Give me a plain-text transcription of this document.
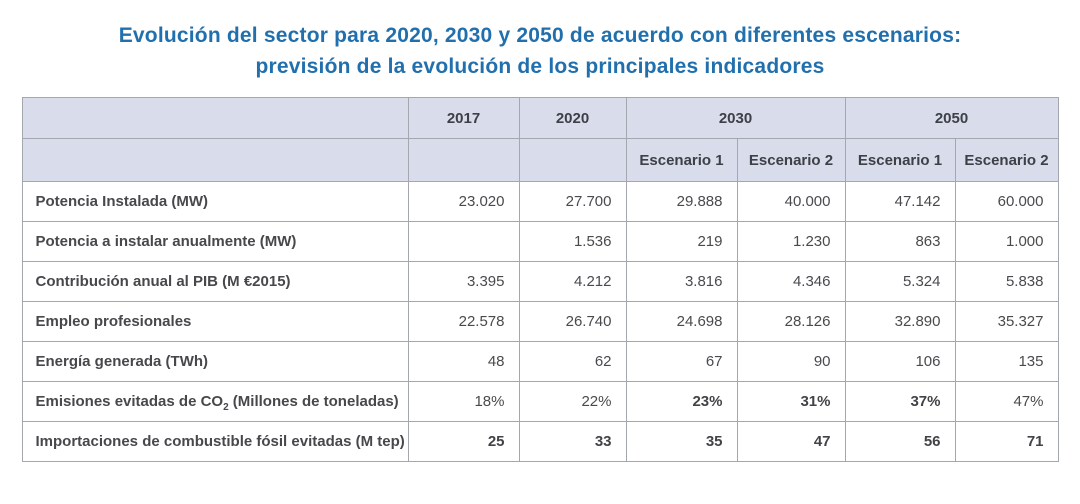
Evolución del sector para 2020, 2030 y 2050 de acuerdo con diferentes escenarios:
previsión de la evolución de los principales indicadores
	2017	2020	2030		2050	
			Escenario 1	Escenario 2	Escenario 1	Escenario 2
Potencia Instalada (MW)	23.020	27.700	29.888	40.000	47.142	60.000
Potencia a instalar anualmente (MW)		1.536	219	1.230	863	1.000
Contribución anual al PIB (M €2015)	3.395	4.212	3.816	4.346	5.324	5.838
Empleo profesionales	22.578	26.740	24.698	28.126	32.890	35.327
Energía generada (TWh)	48	62	67	90	106	135
Emisiones evitadas de $CO_2$ (Millones de toneladas)	18%	22%	23%	31%	37%	47%
Importaciones de combustible fósil evitadas (M tep)	25	33	35	47	56	71
